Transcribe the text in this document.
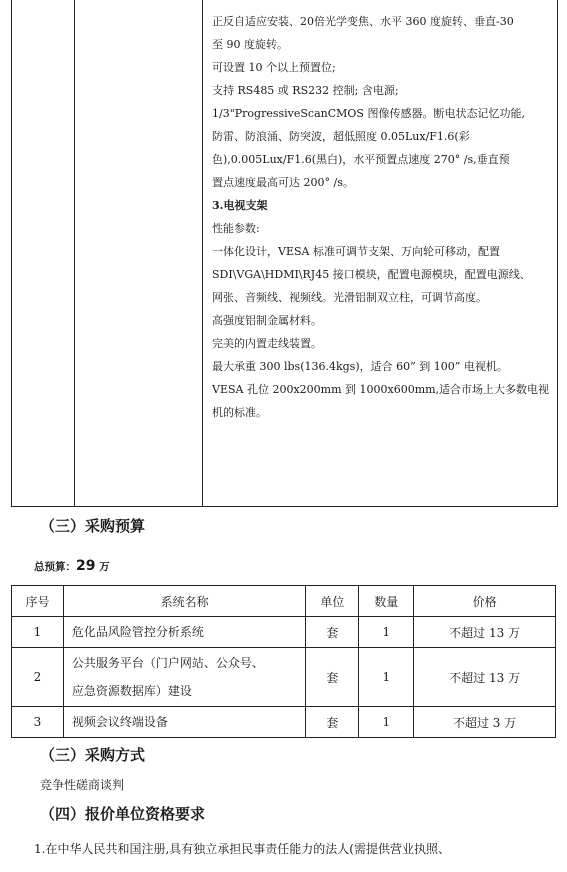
正反自适应安装、20倍光学变焦、水平 360 度旋转、垂直-30

至 90 度旋转。

可设置 10 个以上预置位;

支持 RS485 或 RS232 控制; 含电源;

1/3"ProgressiveScanCMOS 图像传感器。断电状态记忆功能,

防雷、防浪涌、防突波，超低照度 0.05Lux/F1.6(彩

色),0.005Lux/F1.6(黑白)，水平预置点速度 270° /s,垂直预

置点速度最高可达 200° /s。

3.电视支架

性能参数:

一体化设计，VESA 标准可调节支架、万向轮可移动，配置

SDI\VGA\HDMI\RJ45 接口模块，配置电源模块，配置电源线、

网张、音频线、视频线。光滑铝制双立柱，可调节高度。

高强度铝制金属材料。

完美的内置走线装置。

最大承重 300 lbs(136.4kgs)，适合 60” 到 100” 电视机。

VESA 孔位 200x200mm 到 1000x600mm,适合市场上大多数电视

机的标准。

（三）采购预算
总预算：29 万
序号	系统名称	单位	数量	价格
1	危化品风险管控分析系统	套	1	不超过 13 万
2	公共服务平台（门户网站、公众号、
应急资源数据库）建设	套	1	不超过 13 万
3	视频会议终端设备	套	1	不超过 3 万
（三）采购方式
竞争性磋商谈判
（四）报价单位资格要求
1.在中华人民共和国注册,具有独立承担民事责任能力的法人(需提供营业执照、
